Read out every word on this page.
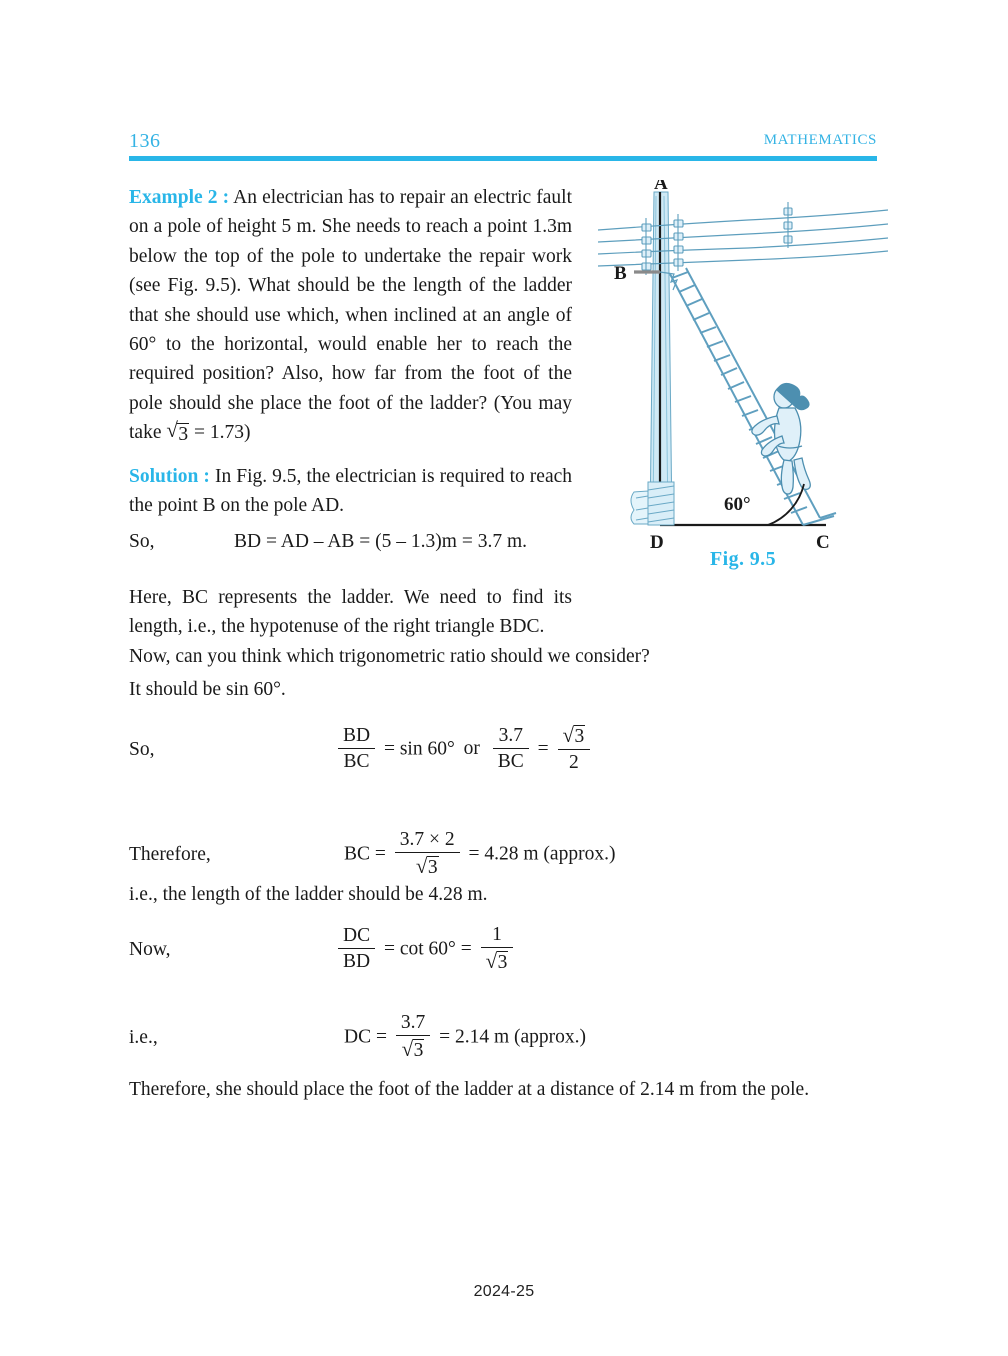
136	MATHEMATICS

Example 2 : An electrician has to repair an electric fault on a pole of height 5 m. She needs to reach a point 1.3m below the top of the pole to undertake the repair work (see Fig. 9.5). What should be the length of the ladder that she should use which, when inclined at an angle of 60° to the horizontal, would enable her to reach the required position? Also, how far from the foot of the pole should she place the foot of the ladder? (You may take √ 3 = 1.73)

Solution : In Fig. 9.5, the electrician is required to reach the point B on the pole AD.

So,	BD = AD – AB = (5 – 1.3)m = 3.7 m.

Here, BC represents the ladder. We need to find its length, i.e., the hypotenuse of the right triangle BDC.

Now, can you think which trigonometric ratio should we consider?

It should be sin 60°.

So,	$\frac{BD}{BC} = \sin 60^\circ$ or $\frac{3.7}{BC} = \frac{√ 3}{2}$
Therefore,	BC = $\frac{3.7 \times 2}{√ 3} = 4.28$ m (approx.)

i.e., the length of the ladder should be 4.28 m.

Now,	$\frac{DC}{BD} = \cot 60^\circ = \frac{1}{√ 3}$
i.e.,	DC = $\frac{3.7}{√ 3} = 2.14$ m (approx.)

Therefore, she should place the foot of the ladder at a distance of 2.14 m from the pole.

A
B
D	C
60°
Fig. 9.5
2024-25
